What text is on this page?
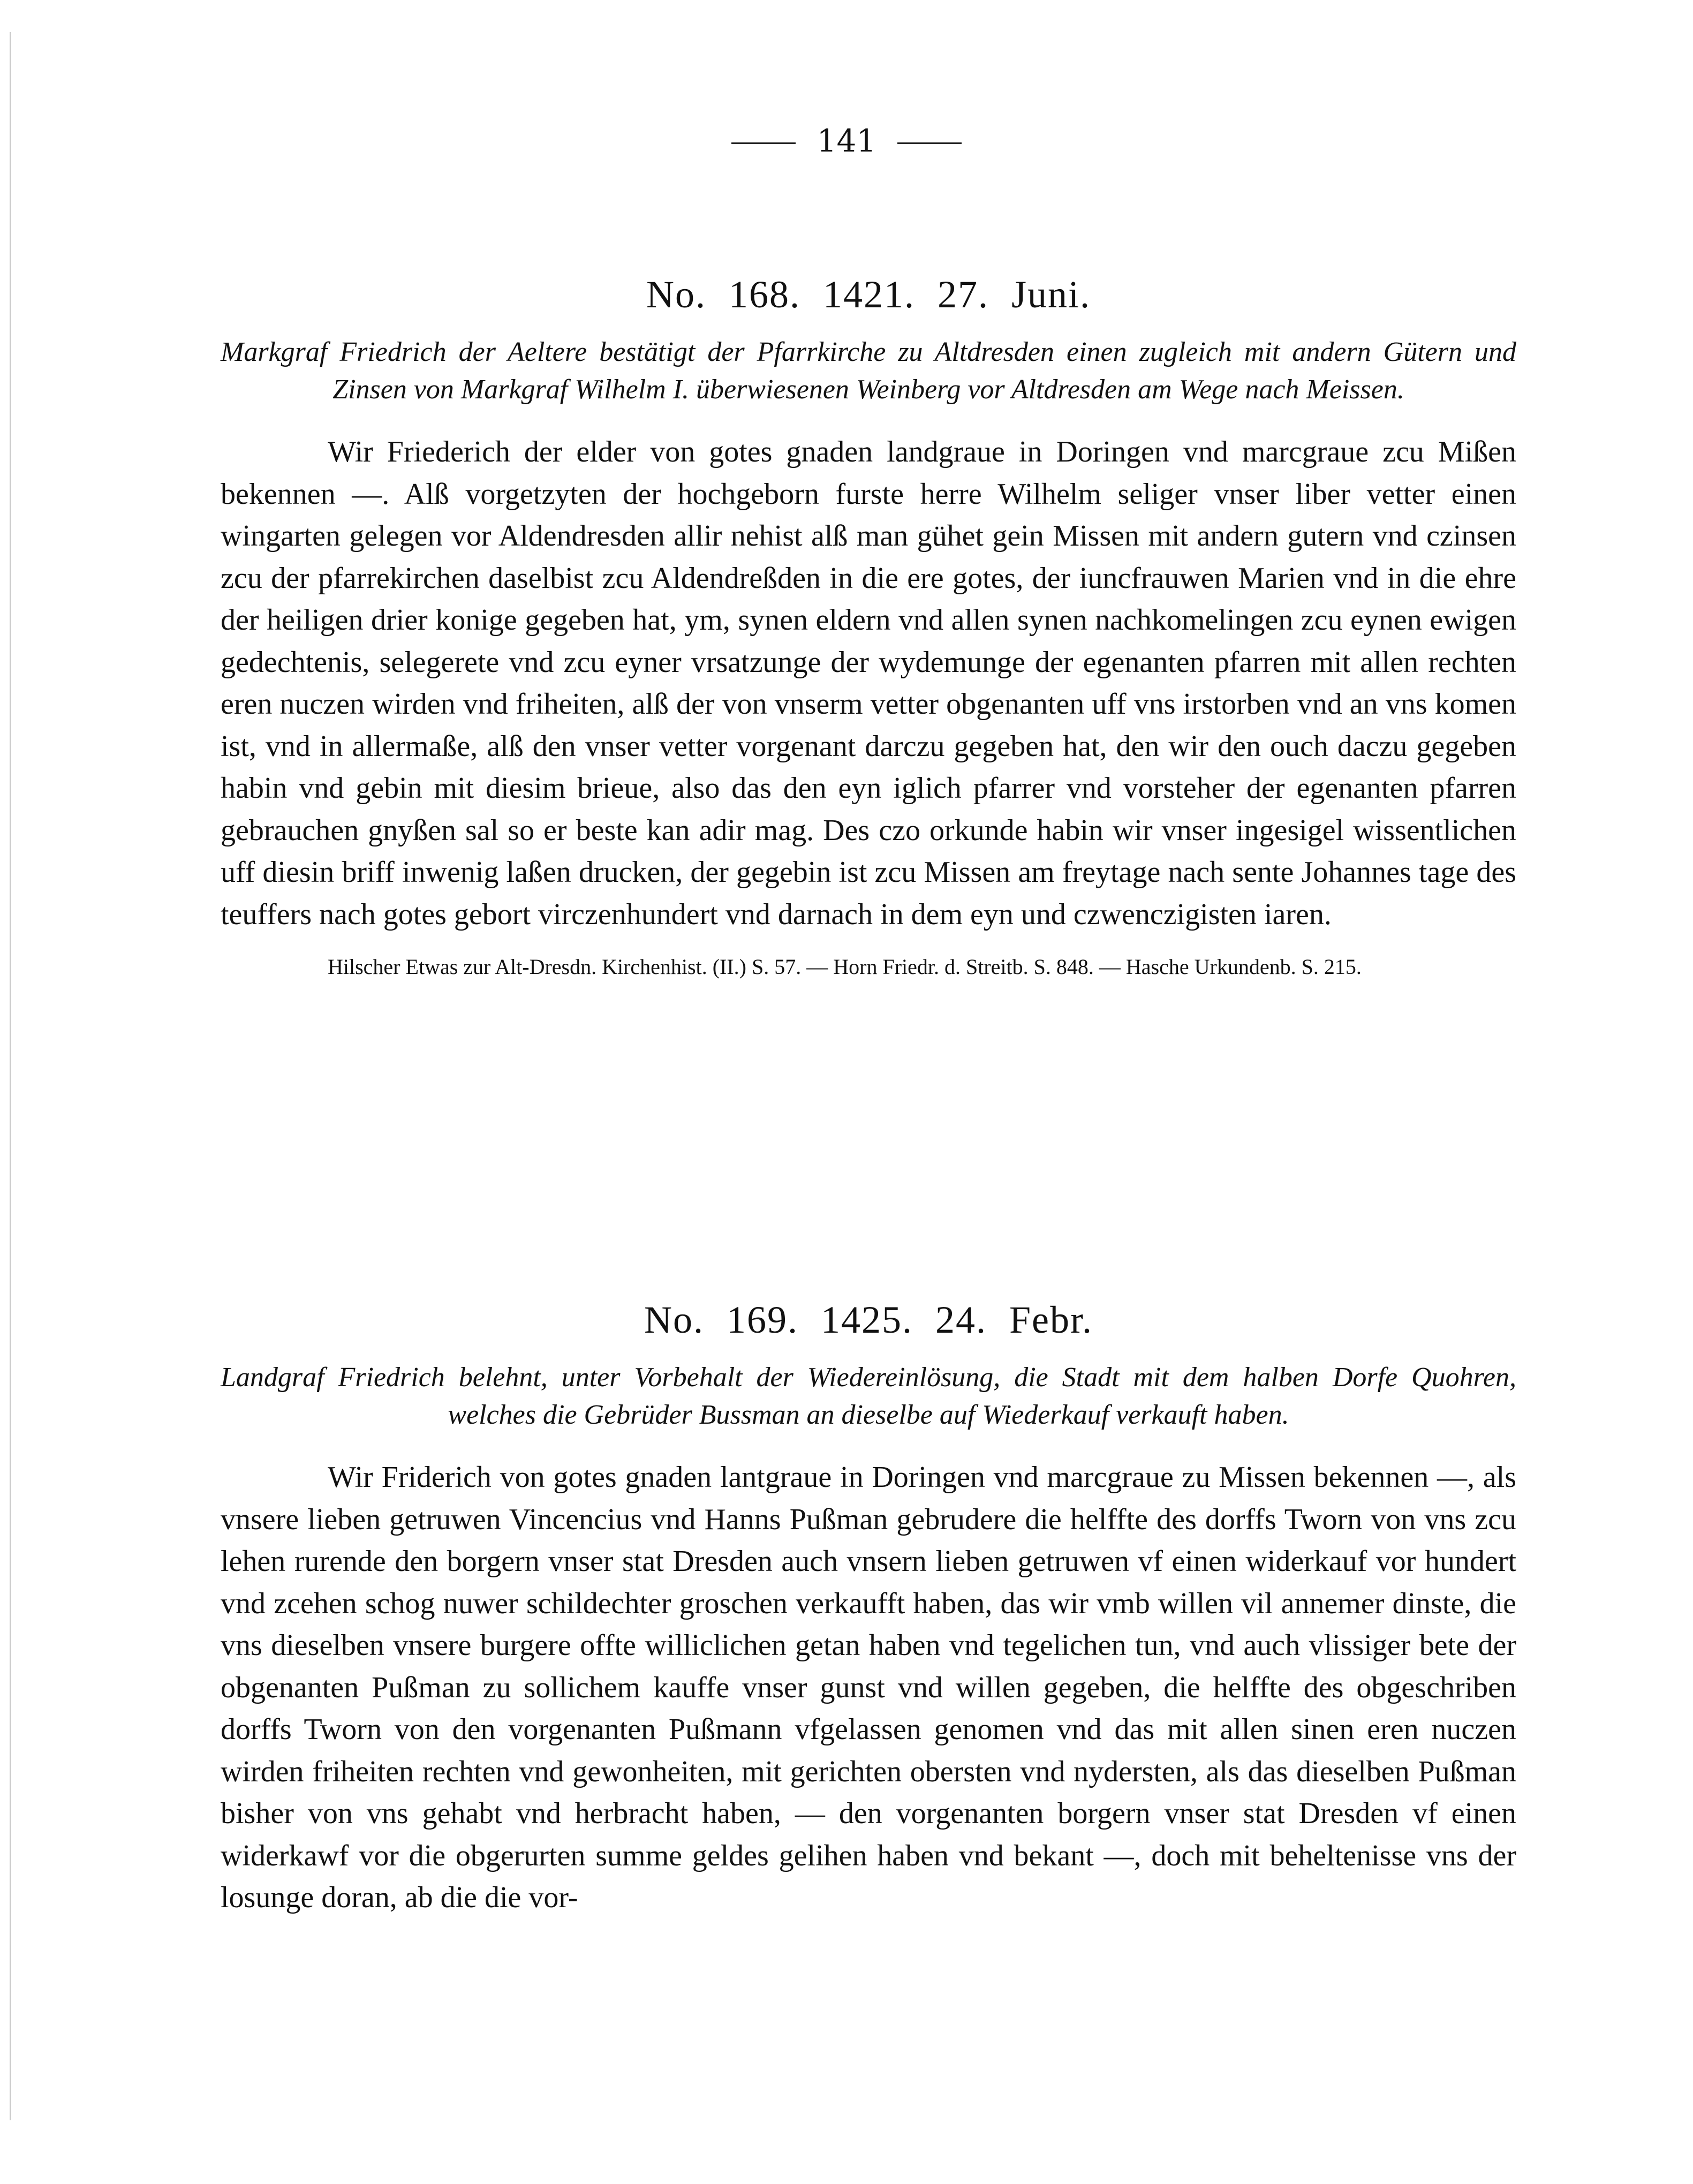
141
No. 168. 1421. 27. Juni.

Markgraf Friedrich der Aeltere bestätigt der Pfarrkirche zu Altdresden einen zugleich mit andern Gütern und Zinsen von Markgraf Wilhelm I. überwiesenen Weinberg vor Altdresden am Wege nach Meissen.

Wir Friederich der elder von gotes gnaden landgraue in Doringen vnd marcgraue zcu Mißen bekennen —. Alß vorgetzyten der hochgeborn furste herre Wilhelm seliger vnser liber vetter einen wingarten gelegen vor Aldendresden allir nehist alß man gühet gein Missen mit andern gutern vnd czinsen zcu der pfarrekirchen daselbist zcu Aldendreßden in die ere gotes, der iuncfrauwen Marien vnd in die ehre der heiligen drier konige gegeben hat, ym, synen eldern vnd allen synen nachkomelingen zcu eynen ewigen gedechtenis, selegerete vnd zcu eyner vrsatzunge der wydemunge der egenanten pfarren mit allen rechten eren nuczen wirden vnd friheiten, alß der von vnserm vetter obgenanten uff vns irstorben vnd an vns komen ist, vnd in allermaße, alß den vnser vetter vorgenant darczu gegeben hat, den wir den ouch daczu gegeben habin vnd gebin mit diesim brieue, also das den eyn iglich pfarrer vnd vorsteher der egenanten pfarren gebrauchen gnyßen sal so er beste kan adir mag. Des czo orkunde habin wir vnser ingesigel wissentlichen uff diesin briff inwenig laßen drucken, der gegebin ist zcu Missen am freytage nach sente Johannes tage des teuffers nach gotes gebort virczenhundert vnd darnach in dem eyn und czwenczigisten iaren.

Hilscher Etwas zur Alt-Dresdn. Kirchenhist. (II.) S. 57. — Horn Friedr. d. Streitb. S. 848. — Hasche Urkundenb. S. 215.

No. 169. 1425. 24. Febr.

Landgraf Friedrich belehnt, unter Vorbehalt der Wiedereinlösung, die Stadt mit dem halben Dorfe Quohren, welches die Gebrüder Bussman an dieselbe auf Wiederkauf verkauft haben.

Wir Friderich von gotes gnaden lantgraue in Doringen vnd marcgraue zu Missen bekennen —, als vnsere lieben getruwen Vincencius vnd Hanns Pußman gebrudere die helffte des dorffs Tworn von vns zcu lehen rurende den borgern vnser stat Dresden auch vnsern lieben getruwen vf einen widerkauf vor hundert vnd zcehen schog nuwer schildechter groschen verkaufft haben, das wir vmb willen vil annemer dinste, die vns dieselben vnsere burgere offte williclichen getan haben vnd tegelichen tun, vnd auch vlissiger bete der obgenanten Pußman zu sollichem kauffe vnser gunst vnd willen gegeben, die helffte des obgeschriben dorffs Tworn von den vorgenanten Pußmann vfgelassen genomen vnd das mit allen sinen eren nuczen wirden friheiten rechten vnd gewonheiten, mit gerichten obersten vnd nydersten, als das dieselben Pußman bisher von vns gehabt vnd herbracht haben, — den vorgenanten borgern vnser stat Dresden vf einen widerkawf vor die obgerurten summe geldes gelihen haben vnd bekant —, doch mit beheltenisse vns der losunge doran, ab die die vor-
